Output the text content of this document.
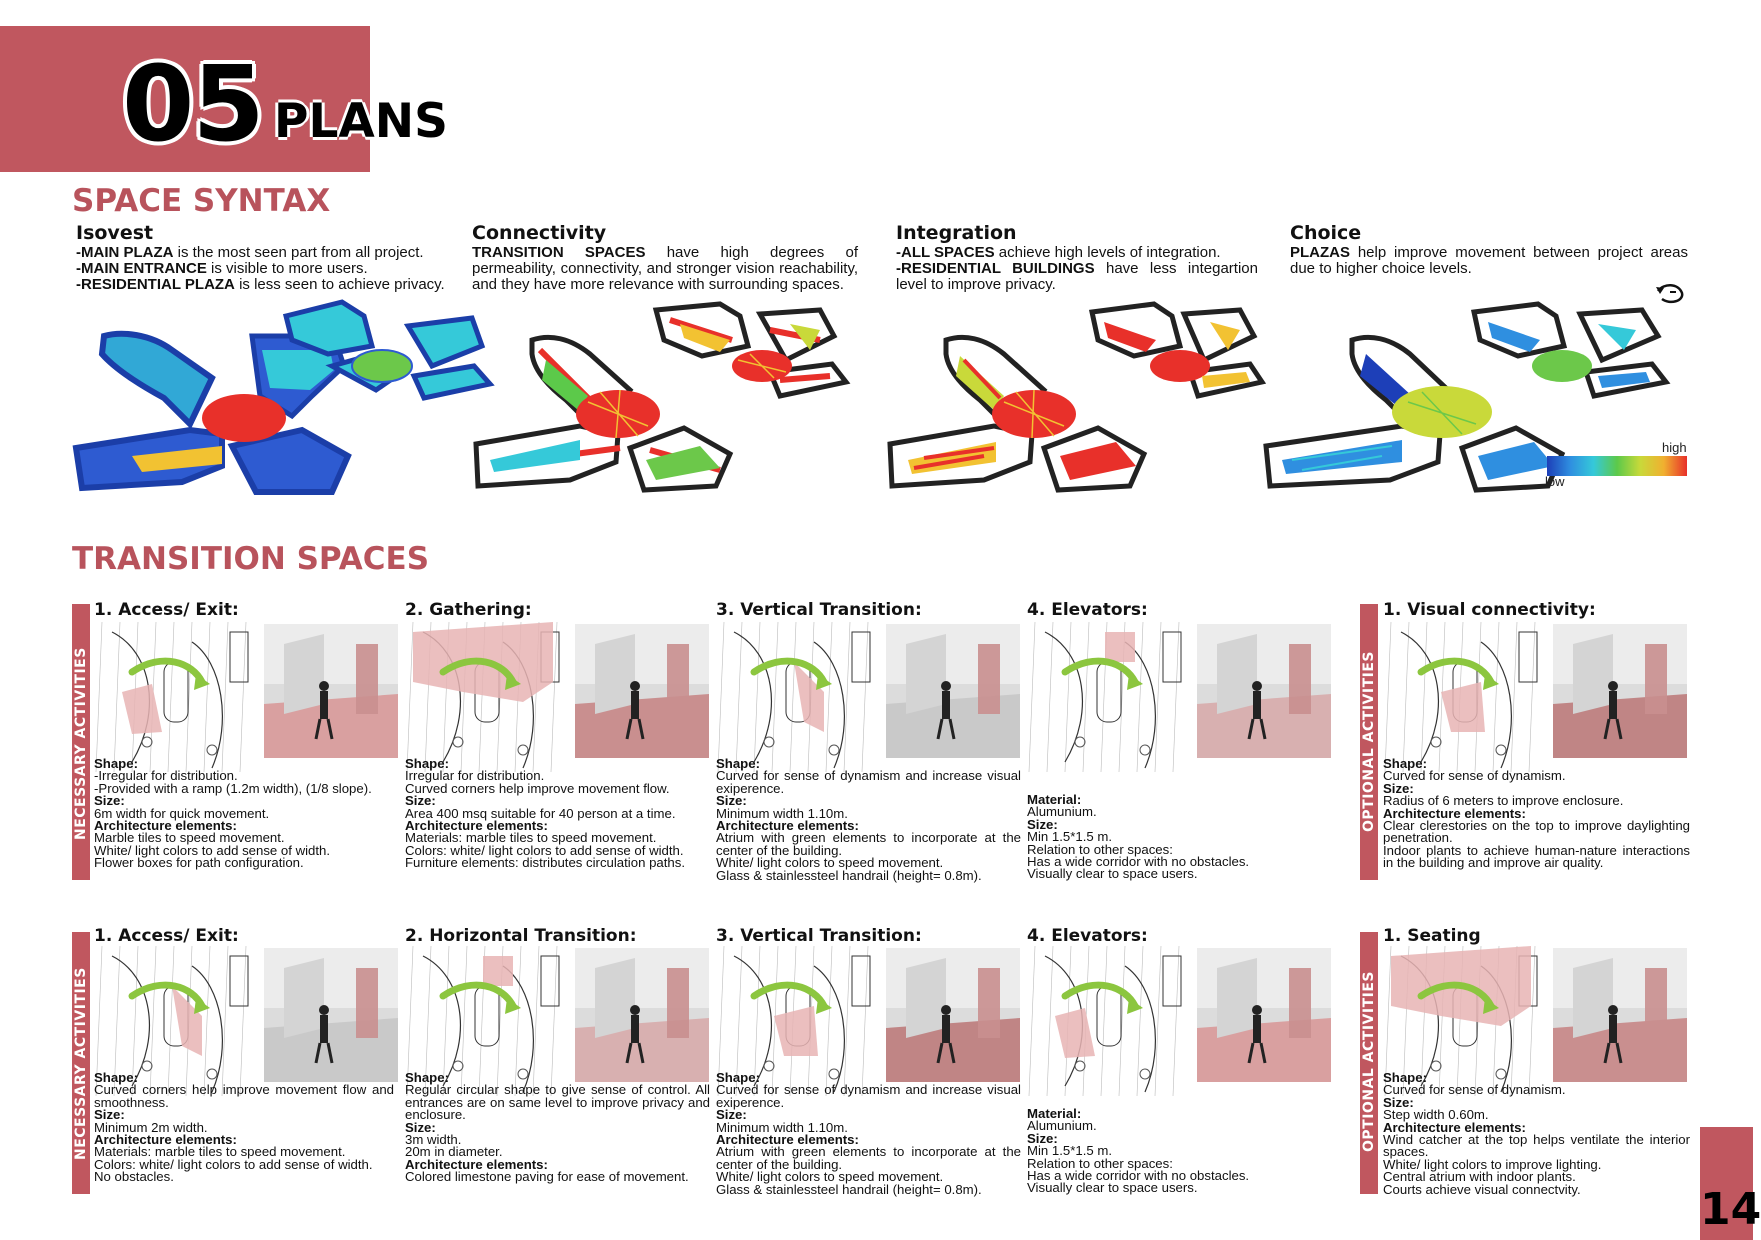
05 PLANS
SPACE SYNTAX
Isovest

-MAIN PLAZA is the most seen part from all project.
-MAIN ENTRANCE is visible to more users.
-RESIDENTIAL PLAZA is less seen to achieve privacy.

Connectivity

TRANSITION SPACES have high degrees of permeability, connectivity, and stronger vision reachability, and they have more relevance with surrounding spaces.

Integration

-ALL SPACES achieve high levels of integration.
-RESIDENTIAL BUILDINGS have less integartion level to improve privacy.

Choice

PLAZAS help improve movement between project areas due to higher choice levels.

high
low
TRANSITION SPACES
NECESSARY ACTIVITIES	OPTIONAL ACTIVITIES
NECESSARY ACTIVITIES	OPTIONAL ACTIVITIES
1. Access/ Exit:
Shape:
-Irregular for distribution.
-Provided with a ramp (1.2m width), (1/8 slope).
Size:
6m width for quick movement.
Architecture elements:
Marble tiles to speed movement.
White/ light colors to add sense of width.
Flower boxes for path configuration.
2. Gathering:
Shape:
Irregular for distribution.
Curved corners help improve movement flow.
Size:
Area 400 msq suitable for 40 person at a time.
Architecture elements:
Materials: marble tiles to speed movement.
Colors: white/ light colors to add sense of width.
Furniture elements: distributes circulation paths.
3. Vertical Transition:
Shape:
Curved for sense of dynamism and increase visual exiperence.
Size:
Minimum width 1.10m.
Architecture elements:
Atrium with green elements to incorporate at the center of the building.
White/ light colors to speed movement.
Glass & stainlessteel handrail (height= 0.8m).
4. Elevators:
Material:
Alumunium.
Size:
Min 1.5*1.5 m.
Relation to other spaces:
Has a wide corridor with no obstacles.
Visually clear to space users.
1. Visual connectivity:
Shape:
Curved for sense of dynamism.
Size:
Radius of 6 meters to improve enclosure.
Architecture elements:
Clear clerestories on the top to improve daylighting penetration.
Indoor plants to achieve human-nature interactions in the building and improve air quality.
1. Access/ Exit:
Shape:
Curved corners help improve movement flow and smoothness.
Size:
Minimum 2m width.
Architecture elements:
Materials: marble tiles to speed movement.
Colors: white/ light colors to add sense of width.
No obstacles.
2. Horizontal Transition:
Shape:
Regular circular shape to give sense of control. All entrances are on same level to improve privacy and enclosure.
Size:
3m width.
20m in diameter.
Architecture elements:
Colored limestone paving for ease of movement.
3. Vertical Transition:
Shape:
Curved for sense of dynamism and increase visual exiperence.
Size:
Minimum width 1.10m.
Architecture elements:
Atrium with green elements to incorporate at the center of the building.
White/ light colors to speed movement.
Glass & stainlessteel handrail (height= 0.8m).
4. Elevators:
Material:
Alumunium.
Size:
Min 1.5*1.5 m.
Relation to other spaces:
Has a wide corridor with no obstacles.
Visually clear to space users.
1. Seating
Shape:
Curved for sense of dynamism.
Size:
Step width 0.60m.
Architecture elements:
Wind catcher at the top helps ventilate the interior spaces.
White/ light colors to improve lighting.
Central atrium with indoor plants.
Courts achieve visual connectvity.	14
